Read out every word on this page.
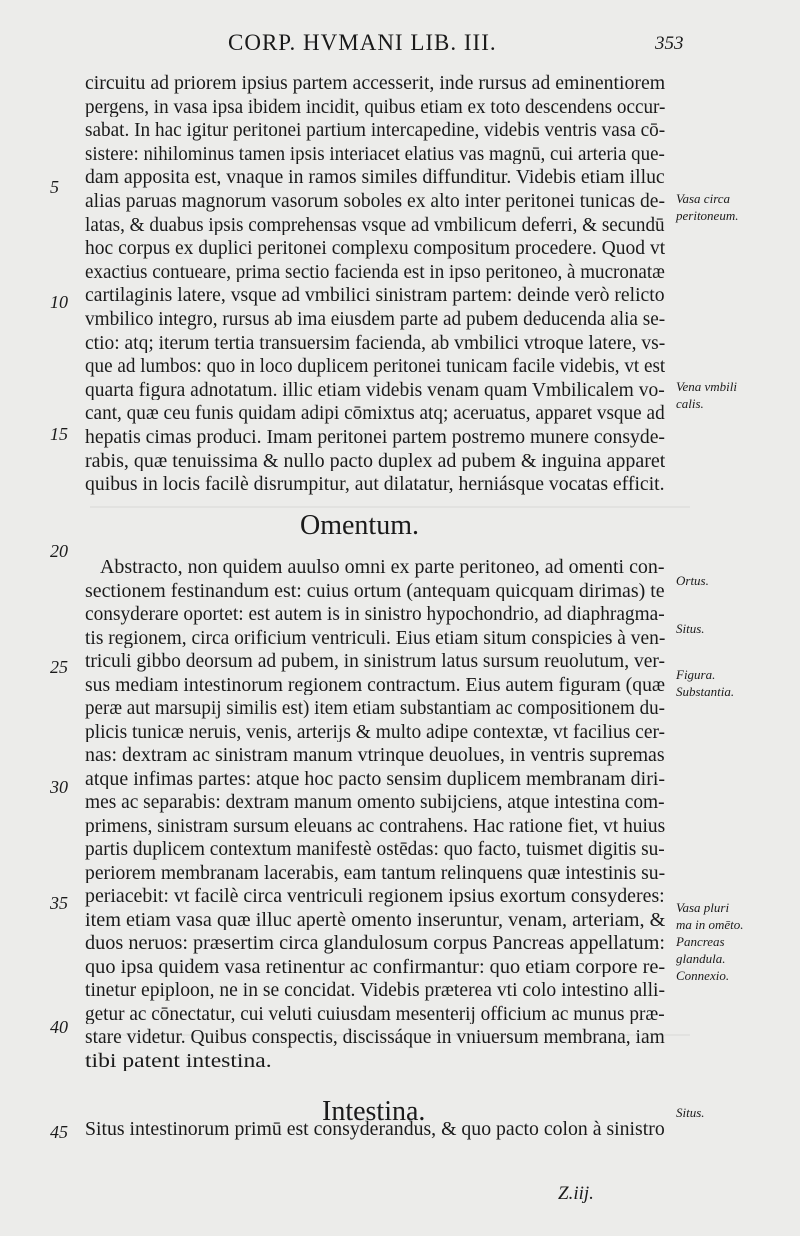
CORP. HVMANI LIB. III.	353
circuitu ad priorem ipsius partem accesserit, inde rursus ad eminentiorem
pergens, in vasa ipsa ibidem incidit, quibus etiam ex toto descendens occur-
sabat. In hac igitur peritonei partium intercapedine, videbis ventris vasa cō-
sistere: nihilominus tamen ipsis interiacet elatius vas magnū, cui arteria que-
dam apposita est, vnaque in ramos similes diffunditur. Videbis etiam illuc
alias paruas magnorum vasorum soboles ex alto inter peritonei tunicas de-
latas, & duabus ipsis comprehensas vsque ad vmbilicum deferri, & secundū
hoc corpus ex duplici peritonei complexu compositum procedere. Quod vt
exactius contueare, prima sectio facienda est in ipso peritoneo, à mucronatæ
cartilaginis latere, vsque ad vmbilici sinistram partem: deinde verò relicto
vmbilico integro, rursus ab ima eiusdem parte ad pubem deducenda alia se-
ctio: atq; iterum tertia transuersim facienda, ab vmbilici vtroque latere, vs-
que ad lumbos: quo in loco duplicem peritonei tunicam facile videbis, vt est
quarta figura adnotatum. illic etiam videbis venam quam Vmbilicalem vo-
cant, quæ ceu funis quidam adipi cōmixtus atq; aceruatus, apparet vsque ad
hepatis cimas produci. Imam peritonei partem postremo munere consyde-
rabis, quæ tenuissima & nullo pacto duplex ad pubem & inguina apparet
quibus in locis facilè disrumpitur, aut dilatatur, herniásque vocatas efficit.
Abstracto, non quidem auulso omni ex parte peritoneo, ad omenti con-
sectionem festinandum est: cuius ortum (antequam quicquam dirimas) te
consyderare oportet: est autem is in sinistro hypochondrio, ad diaphragma-
tis regionem, circa orificium ventriculi. Eius etiam situm conspicies à ven-
triculi gibbo deorsum ad pubem, in sinistrum latus sursum reuolutum, ver-
sus mediam intestinorum regionem contractum. Eius autem figuram (quæ
peræ aut marsupij similis est) item etiam substantiam ac compositionem du-
plicis tunicæ neruis, venis, arterijs & multo adipe contextæ, vt facilius cer-
nas: dextram ac sinistram manum vtrinque deuolues, in ventris supremas
atque infimas partes: atque hoc pacto sensim duplicem membranam diri-
mes ac separabis: dextram manum omento subijciens, atque intestina com-
primens, sinistram sursum eleuans ac contrahens. Hac ratione fiet, vt huius
partis duplicem contextum manifestè ostēdas: quo facto, tuismet digitis su-
periorem membranam lacerabis, eam tantum relinquens quæ intestinis su-
periacebit: vt facilè circa ventriculi regionem ipsius exortum consyderes:
item etiam vasa quæ illuc apertè omento inseruntur, venam, arteriam, &
duos neruos: præsertim circa glandulosum corpus Pancreas appellatum:
quo ipsa quidem vasa retinentur ac confirmantur: quo etiam corpore re-
tinetur epiploon, ne in se concidat. Videbis præterea vti colo intestino alli-
getur ac cōnectatur, cui veluti cuiusdam mesenterij officium ac munus præ-
stare videtur. Quibus conspectis, discissáque in vniuersum membrana, iam
tibi patent intestina.
Situs intestinorum primū est consyderandus, & quo pacto colon à sinistro
Omentum.
Intestina.
5
10
15
20
25
30
35
40
45
Vasa circa
peritoneum.
Vena vmbili
calis.
Ortus.
Situs.
Figura.
Substantia.
Vasa pluri
ma in omēto.
Pancreas
glandula.
Connexio.
Situs.
Z.iij.
